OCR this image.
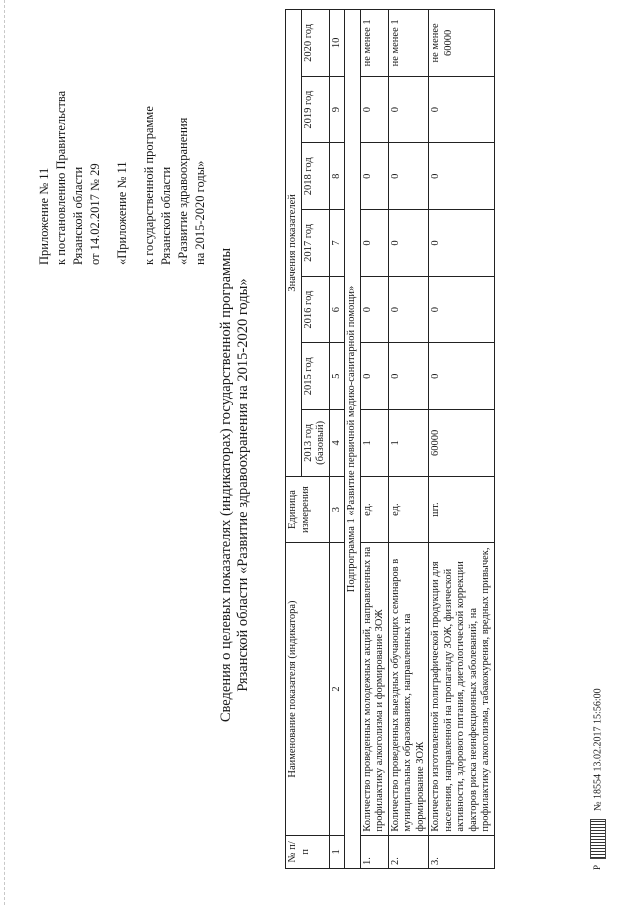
Приложение № 11 к постановлению Правительства Рязанской области от 14.02.2017 № 29 «Приложение № 11 к государственной программе Рязанской области «Развитие здравоохранения на 2015-2020 годы»
Сведения о целевых показателях (индикаторах) государственной программы Рязанской области «Развитие здравоохранения на 2015-2020 годы»
№ п/п	Наименование показателя (индикатора)	Единица измерения	Значения показателей						
			2013 год (базовый)	2015 год	2016 год	2017 год	2018 год	2019 год	2020 год
1	2	3	4	5	6	7	8	9	10
Подпрограмма 1 «Развитие первичной медико-санитарной помощи»									
1.	Количество проведенных молодежных акций, направленных на профилактику алкоголизма и формирование ЗОЖ	ед.	1	0	0	0	0	0	не менее 1
2.	Количество проведенных выездных обучающих семинаров в муниципальных образованиях, направленных на формирование ЗОЖ	ед.	1	0	0	0	0	0	не менее 1
3.	Количество изготовленной полиграфической продукции для населения, направленной на пропаганду ЗОЖ, физической активности, здорового питания, диетологической коррекции факторов риска неинфекционных заболеваний, на профилактику алкоголизма, табакокурения, вредных привычек,	шт.	60000	0	0	0	0	0	не менее 60000
P  № 18554 13.02.2017 15:56:00
